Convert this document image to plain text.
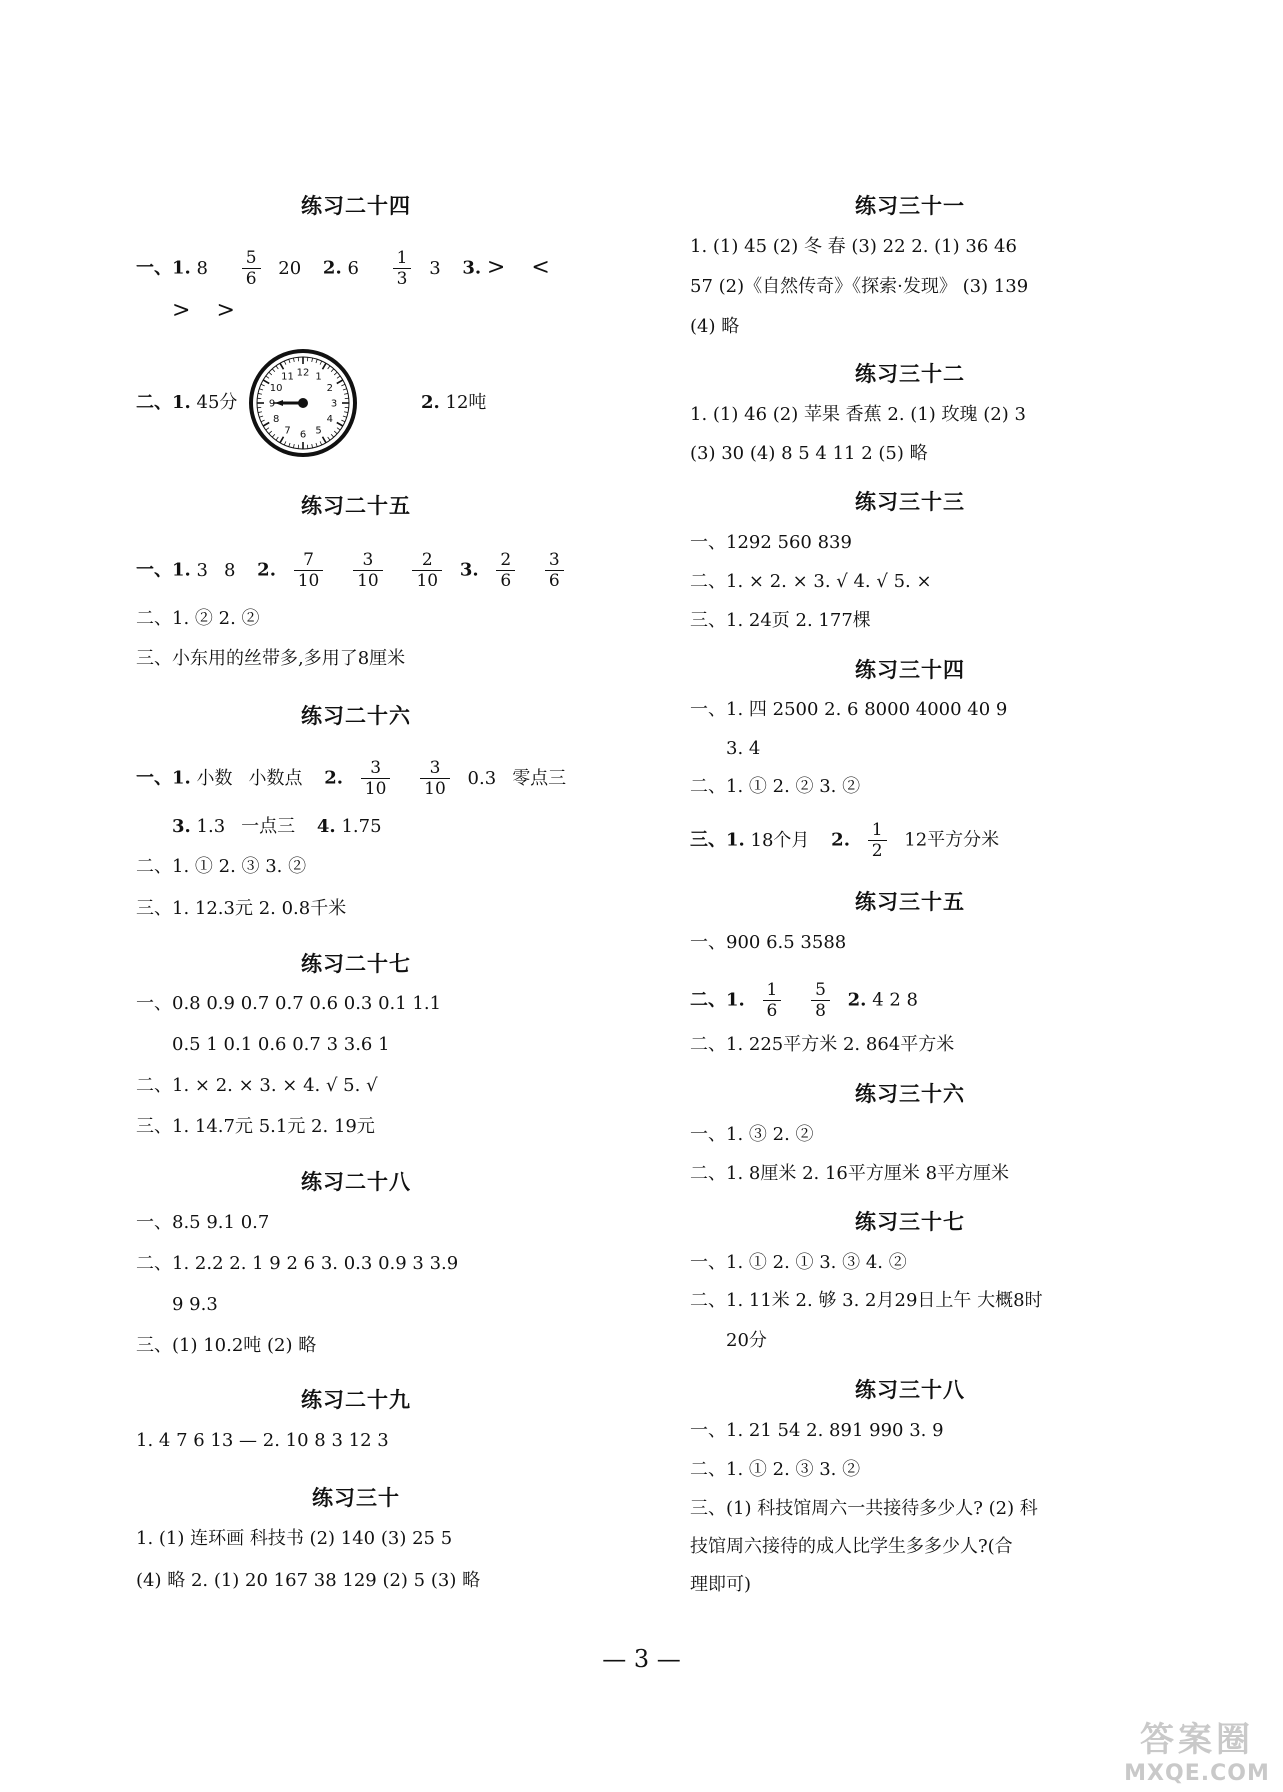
练习二十四
一、1. $8 \frac{5}{6} 20$ 2. $6 \frac{1}{3} 3$ 3. > <
> >
二、1. 45分
12 1
2
3
4
5
6
7
8
9
10
11
2. 12吨
练习二十五
一、1. 3 8 2. $\frac{7}{10}$
$\frac{3}{10}$
$\frac{2}{10} 3$. $\frac{2}{6}$
$\frac{3}{6}$
二、1. ② 2. ②
三、小东用的丝带多,多用了8厘米
练习二十六
一、1. 小数 小数点 2. $\frac{3}{10}$
$\frac{3}{10} 0.3$ 零点三
3. 1.3 一点三 4. 1.75
二、1. ① 2. ③ 3. ②
三、1. 12.3元 2. 0.8千米
练习二十七
一、0.8 0.9 0.7 0.7 0.6 0.3 0.1 1.1
0.5 1 0.1 0.6 0.7 3 3.6 1
二、1. × 2. × 3. × 4. √ 5. √
三、1. 14.7元 5.1元 2. 19元
练习二十八
一、8.5 9.1 0.7
二、1. 2.2 2. 1 9 2 6 3. 0.3 0.9 3 3.9
9 9.3
三、(1) 10.2吨 (2) 略
练习二十九
1. 4 7 6 13 — 2. 10 8 3 12 3
练习三十
1. (1) 连环画 科技书 (2) 140 (3) 25 5
(4) 略 2. (1) 20 167 38 129 (2) 5 (3) 略
练习三十一
1. (1) 45 (2) 冬 春 (3) 22 2. (1) 36 46
57 (2)《自然传奇》《探索·发现》 (3) 139
(4) 略
练习三十二
1. (1) 46 (2) 苹果 香蕉 2. (1) 玫瑰 (2) 3
(3) 30 (4) 8 5 4 11 2 (5) 略
练习三十三
一、1292 560 839
二、1. × 2. × 3. √ 4. √ 5. ×
三、1. 24页 2. 177棵
练习三十四
一、1. 四 2500 2. 6 8000 4000 40 9
3. 4
二、1. ① 2. ② 3. ②
三、1. 18个月 2. $\frac{1}{2} 12$平方分米
练习三十五
一、900 6.5 3588
二、1. $\frac{1}{6}$
$\frac{5}{8} 2$. 4 2 8
二、1. 225平方米 2. 864平方米
练习三十六
一、1. ③ 2. ②
二、1. 8厘米 2. 16平方厘米 8平方厘米
练习三十七
一、1. ① 2. ① 3. ③ 4. ②
二、1. 11米 2. 够 3. 2月29日上午 大概8时
20分
练习三十八
一、1. 21 54 2. 891 990 3. 9
二、1. ① 2. ③ 3. ②
三、(1) 科技馆周六一共接待多少人? (2) 科
技馆周六接待的成人比学生多多少人?(合
理即可)
— 3 —
答案圈
MXQE.COM
